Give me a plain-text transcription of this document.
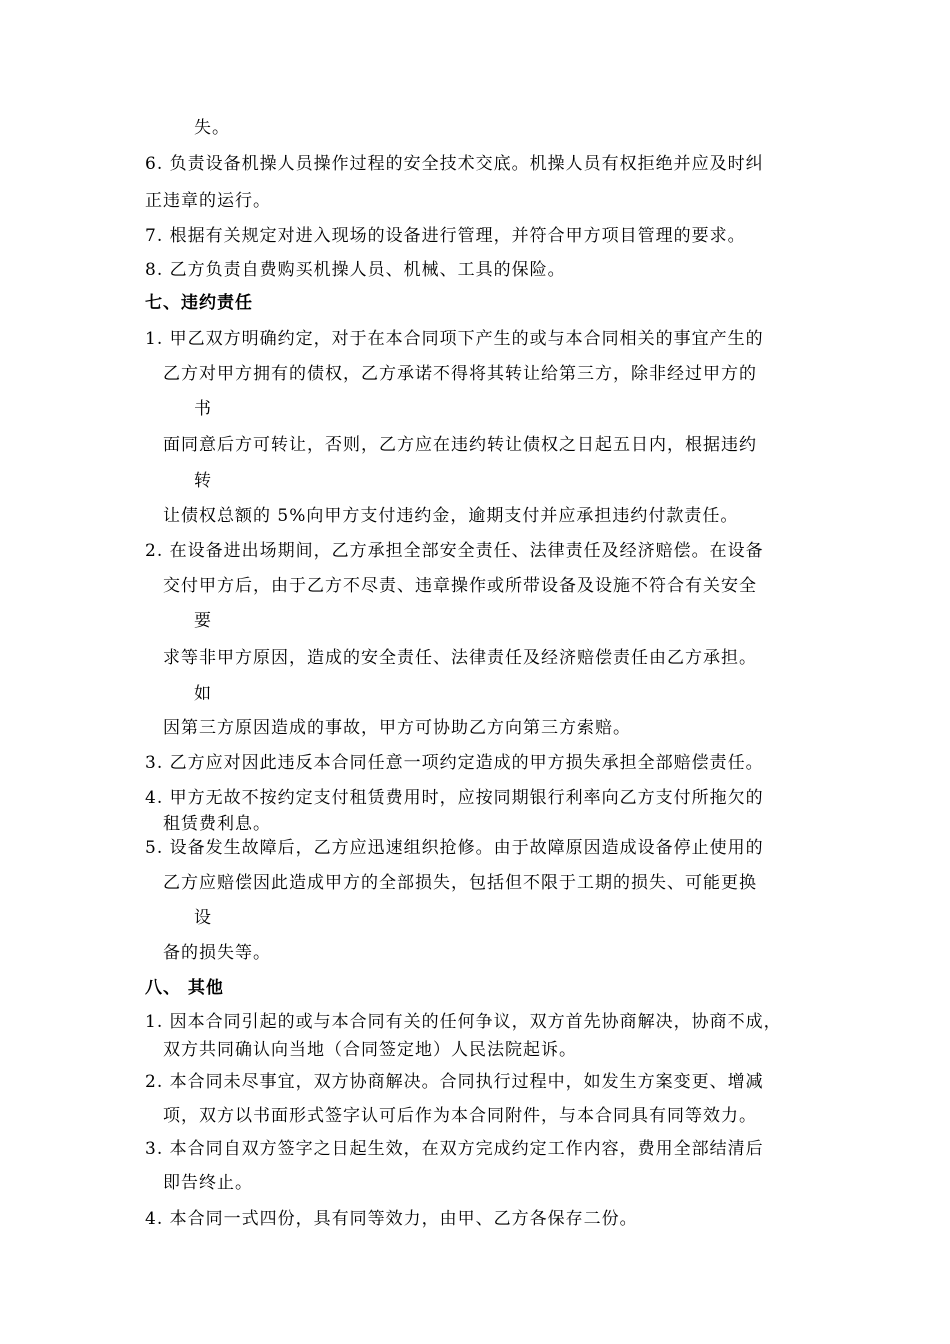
失。

6. 负责设备机操人员操作过程的安全技术交底。机操人员有权拒绝并应及时纠

正违章的运行。

7. 根据有关规定对进入现场的设备进行管理，并符合甲方项目管理的要求。

8. 乙方负责自费购买机操人员、机械、工具的保险。

七、违约责任

1. 甲乙双方明确约定，对于在本合同项下产生的或与本合同相关的事宜产生的

乙方对甲方拥有的债权，乙方承诺不得将其转让给第三方，除非经过甲方的

书

面同意后方可转让，否则，乙方应在违约转让债权之日起五日内，根据违约

转

让债权总额的 5%向甲方支付违约金，逾期支付并应承担违约付款责任。

2. 在设备进出场期间，乙方承担全部安全责任、法律责任及经济赔偿。在设备

交付甲方后，由于乙方不尽责、违章操作或所带设备及设施不符合有关安全

要

求等非甲方原因，造成的安全责任、法律责任及经济赔偿责任由乙方承担。

如

因第三方原因造成的事故，甲方可协助乙方向第三方索赔。

3. 乙方应对因此违反本合同任意一项约定造成的甲方损失承担全部赔偿责任。

4. 甲方无故不按约定支付租赁费用时，应按同期银行利率向乙方支付所拖欠的

租赁费利息。

5. 设备发生故障后，乙方应迅速组织抢修。由于故障原因造成设备停止使用的

乙方应赔偿因此造成甲方的全部损失，包括但不限于工期的损失、可能更换

设

备的损失等。

八、 其他

1. 因本合同引起的或与本合同有关的任何争议，双方首先协商解决，协商不成，

双方共同确认向当地（合同签定地）人民法院起诉。

2. 本合同未尽事宜，双方协商解决。合同执行过程中，如发生方案变更、增减

项，双方以书面形式签字认可后作为本合同附件，与本合同具有同等效力。

3. 本合同自双方签字之日起生效，在双方完成约定工作内容，费用全部结清后

即告终止。

4. 本合同一式四份，具有同等效力，由甲、乙方各保存二份。
